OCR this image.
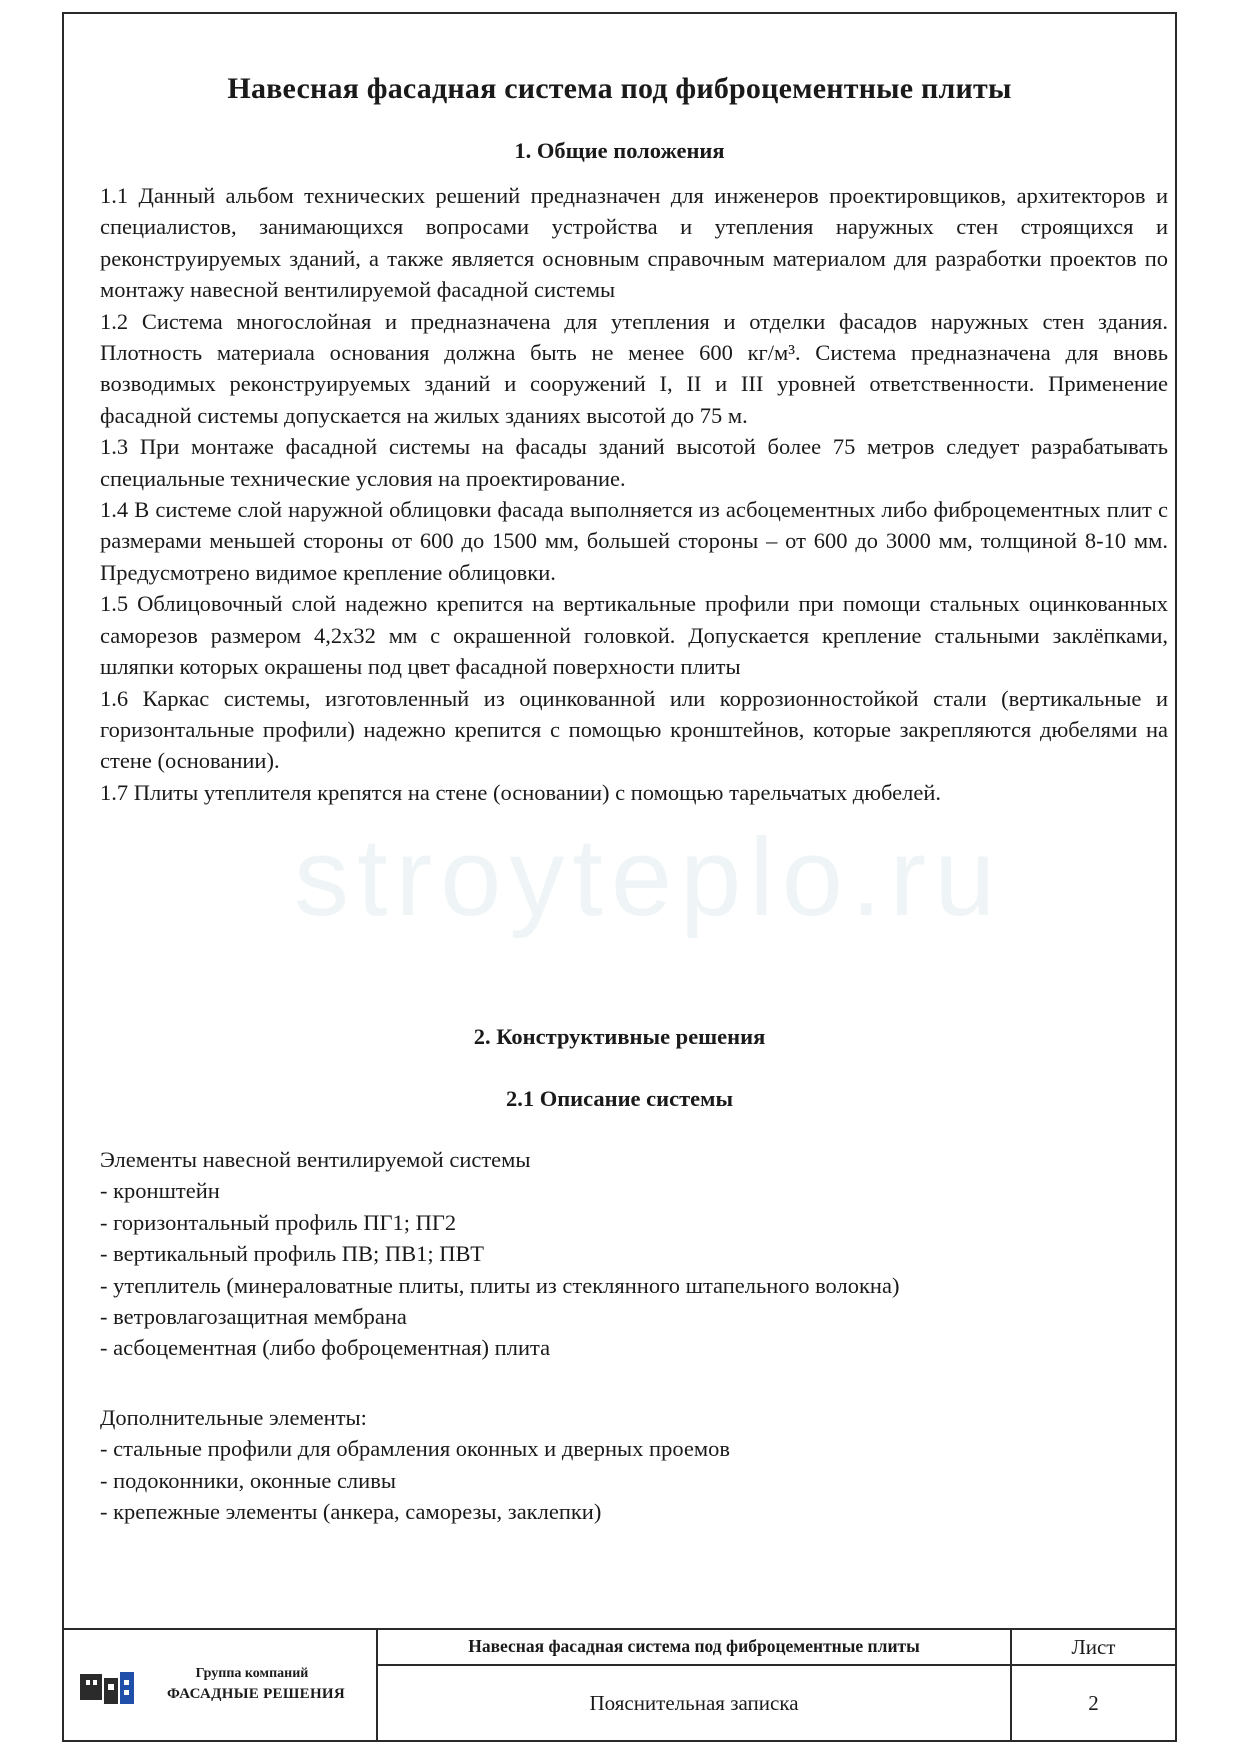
Навесная фасадная система под фиброцементные плиты
1. Общие положения

1.1 Данный альбом технических решений предназначен для инженеров проектировщиков, архитекторов и специалистов, занимающихся вопросами устройства и утепления наружных стен строящихся и реконструируемых зданий, а также является основным справочным материалом для разработки проектов по монтажу навесной вентилируемой фасадной системы

1.2 Система многослойная и предназначена для утепления и отделки фасадов наружных стен здания. Плотность материала основания должна быть не менее 600 кг/м³. Система предназначена для вновь возводимых реконструируемых зданий и сооружений I, II и III уровней ответственности. Применение фасадной системы допускается на жилых зданиях высотой до 75 м.

1.3 При монтаже фасадной системы на фасады зданий высотой более 75 метров следует разрабатывать специальные технические условия на проектирование.

1.4 В системе слой наружной облицовки фасада выполняется из асбоцементных либо фиброцементных плит с размерами меньшей стороны от 600 до 1500 мм, большей стороны – от 600 до 3000 мм, толщиной 8-10 мм. Предусмотрено видимое крепление облицовки.

1.5 Облицовочный слой надежно крепится на вертикальные профили при помощи стальных оцинкованных саморезов размером 4,2х32 мм с окрашенной головкой. Допускается крепление стальными заклёпками, шляпки которых окрашены под цвет фасадной поверхности плиты

1.6 Каркас системы, изготовленный из оцинкованной или коррозионностойкой стали (вертикальные и горизонтальные профили) надежно крепится с помощью кронштейнов, которые закрепляются дюбелями на стене (основании).

1.7 Плиты утеплителя крепятся на стене (основании) с помощью тарельчатых дюбелей.

stroyteplo.ru
2. Конструктивные решения
2.1 Описание системы
Элементы навесной вентилируемой системы
- кронштейн
- горизонтальный профиль ПГ1; ПГ2
- вертикальный профиль ПВ; ПВ1; ПВТ
- утеплитель (минераловатные плиты, плиты из стеклянного штапельного волокна)
- ветровлагозащитная мембрана
- асбоцементная (либо фоброцементная) плита
Дополнительные элементы:
- стальные профили для обрамления оконных и дверных проемов
- подоконники, оконные сливы
- крепежные элементы (анкера, саморезы, заклепки)
Группа компаний
ФАСАДНЫЕ РЕШЕНИЯ
Навесная фасадная система под фиброцементные плиты	Лист
Пояснительная записка	2
